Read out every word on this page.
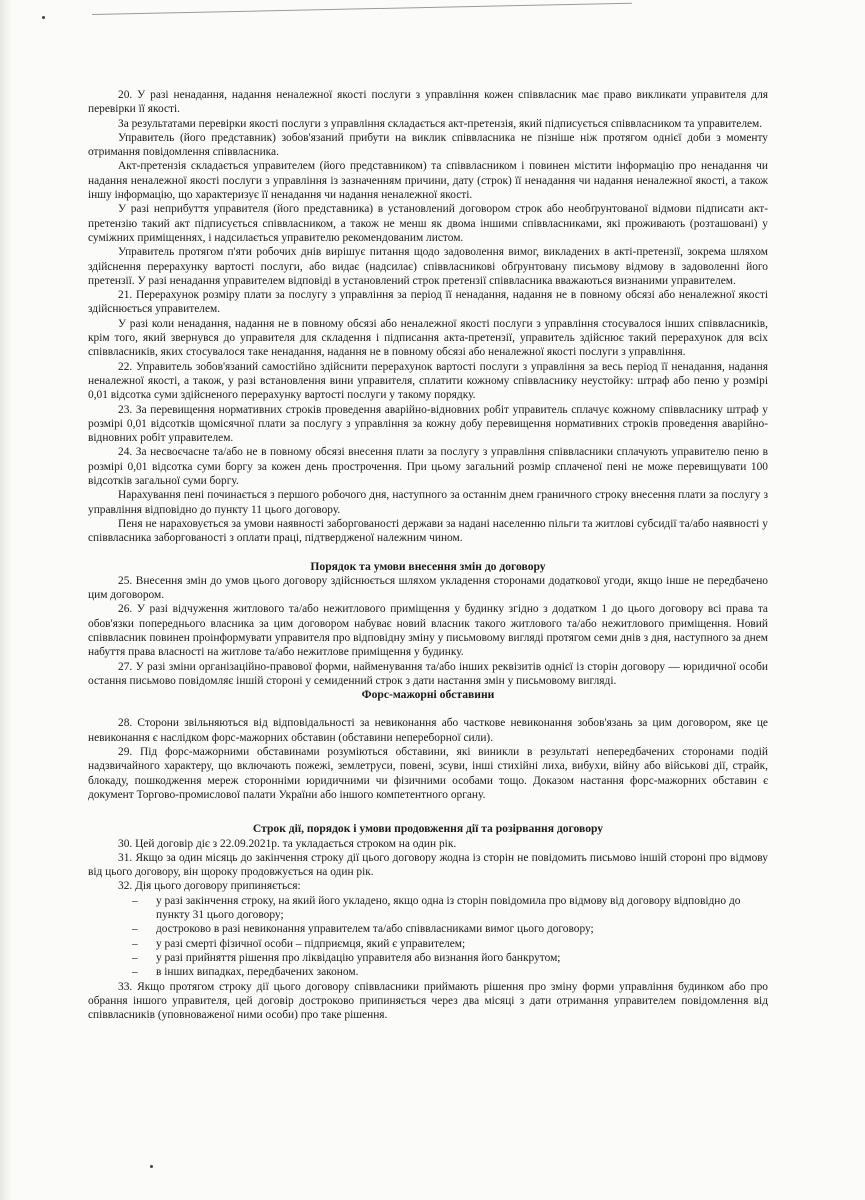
20. У разі ненадання, надання неналежної якості послуги з управління кожен співвласник має право викликати управителя для перевірки її якості.

За результатами перевірки якості послуги з управління складається акт-претензія, який підписується співвласником та управителем.

Управитель (його представник) зобов'язаний прибути на виклик співвласника не пізніше ніж протягом однієї доби з моменту отримання повідомлення співвласника.

Акт-претензія складається управителем (його представником) та співвласником і повинен містити інформацію про ненадання чи надання неналежної якості послуги з управління із зазначенням причини, дату (строк) її ненадання чи надання неналежної якості, а також іншу інформацію, що характеризує її ненадання чи надання неналежної якості.

У разі неприбуття управителя (його представника) в установлений договором строк або необґрунтованої відмови підписати акт-претензію такий акт підписується співвласником, а також не менш як двома іншими співвласниками, які проживають (розташовані) у суміжних приміщеннях, і надсилається управителю рекомендованим листом.

Управитель протягом п'яти робочих днів вирішує питання щодо задоволення вимог, викладених в акті-претензії, зокрема шляхом здійснення перерахунку вартості послуги, або видає (надсилає) співвласникові обґрунтовану письмову відмову в задоволенні його претензії. У разі ненадання управителем відповіді в установлений строк претензії співвласника вважаються визнаними управителем.

21. Перерахунок розміру плати за послугу з управління за період її ненадання, надання не в повному обсязі або неналежної якості здійснюється управителем.

У разі коли ненадання, надання не в повному обсязі або неналежної якості послуги з управління стосувалося інших співвласників, крім того, який звернувся до управителя для складення і підписання акта-претензії, управитель здійснює такий перерахунок для всіх співвласників, яких стосувалося таке ненадання, надання не в повному обсязі або неналежної якості послуги з управління.

22. Управитель зобов'язаний самостійно здійснити перерахунок вартості послуги з управління за весь період її ненадання, надання неналежної якості, а також, у разі встановлення вини управителя, сплатити кожному співвласнику неустойку: штраф або пеню у розмірі 0,01 відсотка суми здійсненого перерахунку вартості послуги у такому порядку.

23. За перевищення нормативних строків проведення аварійно-відновних робіт управитель сплачує кожному співвласнику штраф у розмірі 0,01 відсотків щомісячної плати за послугу з управління за кожну добу перевищення нормативних строків проведення аварійно-відновних робіт управителем.

24. За несвоєчасне та/або не в повному обсязі внесення плати за послугу з управління співвласники сплачують управителю пеню в розмірі 0,01 відсотка суми боргу за кожен день прострочення. При цьому загальний розмір сплаченої пені не може перевищувати 100 відсотків загальної суми боргу.

Нарахування пені починається з першого робочого дня, наступного за останнім днем граничного строку внесення плати за послугу з управління відповідно до пункту 11 цього договору.

Пеня не нараховується за умови наявності заборгованості держави за надані населенню пільги та житлові субсидії та/або наявності у співвласника заборгованості з оплати праці, підтвердженої належним чином.

Порядок та умови внесення змін до договору

25. Внесення змін до умов цього договору здійснюється шляхом укладення сторонами додаткової угоди, якщо інше не передбачено цим договором.

26. У разі відчуження житлового та/або нежитлового приміщення у будинку згідно з додатком 1 до цього договору всі права та обов'язки попереднього власника за цим договором набуває новий власник такого житлового та/або нежитлового приміщення. Новий співвласник повинен проінформувати управителя про відповідну зміну у письмовому вигляді протягом семи днів з дня, наступного за днем набуття права власності на житлове та/або нежитлове приміщення у будинку.

27. У разі зміни організаційно-правової форми, найменування та/або інших реквізитів однієї із сторін договору — юридичної особи остання письмово повідомляє іншій стороні у семиденний строк з дати настання змін у письмовому вигляді.

Форс-мажорні обставини

28. Сторони звільняються від відповідальності за невиконання або часткове невиконання зобов'язань за цим договором, яке це невиконання є наслідком форс-мажорних обставин (обставини непереборної сили).

29. Під форс-мажорними обставинами розуміються обставини, які виникли в результаті непередбачених сторонами подій надзвичайного характеру, що включають пожежі, землетруси, повені, зсуви, інші стихійні лиха, вибухи, війну або військові дії, страйк, блокаду, пошкодження мереж сторонніми юридичними чи фізичними особами тощо. Доказом настання форс-мажорних обставин є документ Торгово-промислової палати України або іншого компетентного органу.

Строк дії, порядок і умови продовження дії та розірвання договору

30. Цей договір діє з 22.09.2021р. та укладається строком на один рік.

31. Якщо за один місяць до закінчення строку дії цього договору жодна із сторін не повідомить письмово іншій стороні про відмову від цього договору, він щороку продовжується на один рік.

32. Дія цього договору припиняється:

– у разі закінчення строку, на який його укладено, якщо одна із сторін повідомила про відмову від договору відповідно до пункту 31 цього договору;
– достроково в разі невиконання управителем та/або співвласниками вимог цього договору;
– у разі смерті фізичної особи – підприємця, який є управителем;
– у разі прийняття рішення про ліквідацію управителя або визнання його банкрутом;
– в інших випадках, передбачених законом.

33. Якщо протягом строку дії цього договору співвласники приймають рішення про зміну форми управління будинком або про обрання іншого управителя, цей договір достроково припиняється через два місяці з дати отримання управителем повідомлення від співвласників (уповноваженої ними особи) про таке рішення.
